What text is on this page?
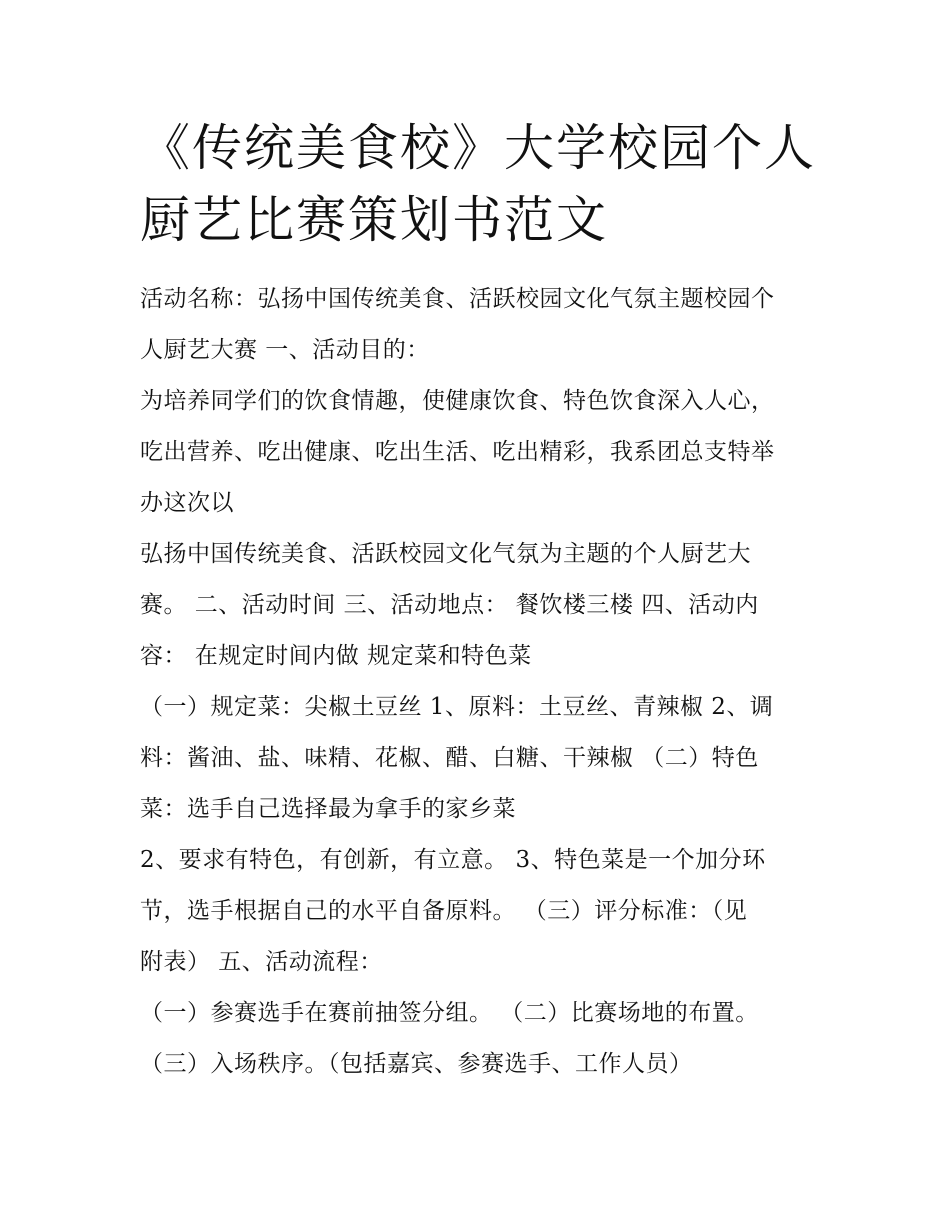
《传统美食校》大学校园个人
厨艺比赛策划书范文
活动名称：弘扬中国传统美食、活跃校园文化气氛主题校园个
人厨艺大赛 一、活动目的：
为培养同学们的饮食情趣，使健康饮食、特色饮食深入人心，
吃出营养、吃出健康、吃出生活、吃出精彩，我系团总支特举
办这次以
弘扬中国传统美食、活跃校园文化气氛为主题的个人厨艺大
赛。 二、活动时间 三、活动地点： 餐饮楼三楼 四、活动内
容： 在规定时间内做 规定菜和特色菜
（一）规定菜：尖椒土豆丝 1、原料：土豆丝、青辣椒 2、调
料：酱油、盐、味精、花椒、醋、白糖、干辣椒 （二）特色
菜：选手自己选择最为拿手的家乡菜
2、要求有特色，有创新，有立意。 3、特色菜是一个加分环
节，选手根据自己的水平自备原料。 （三）评分标准：（见
附表） 五、活动流程：
（一）参赛选手在赛前抽签分组。 （二）比赛场地的布置。
（三）入场秩序。（包括嘉宾、参赛选手、工作人员）
